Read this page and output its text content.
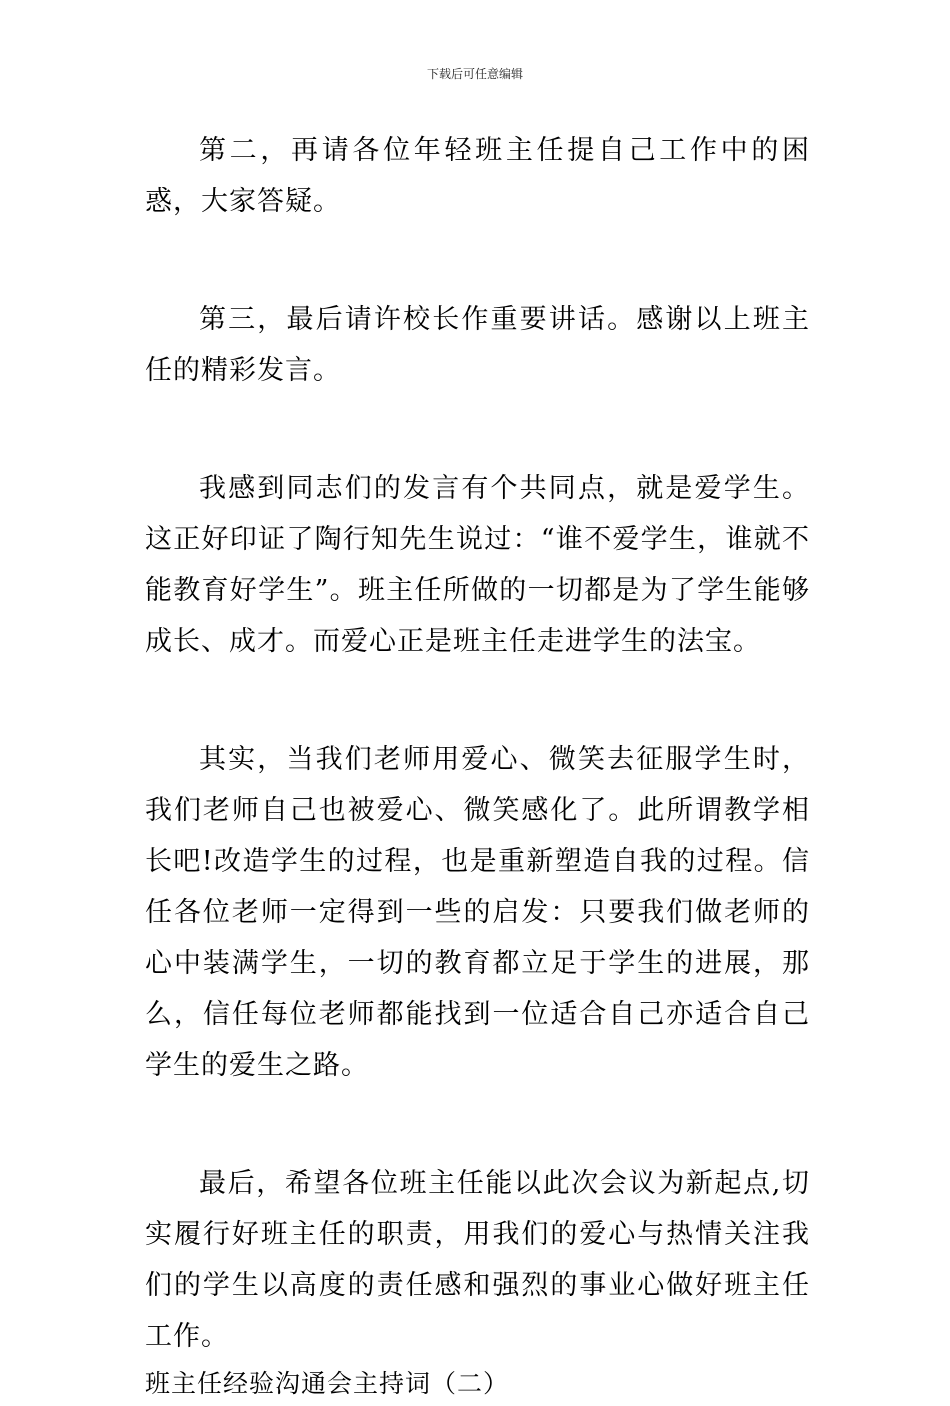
下载后可任意编辑

第二，再请各位年轻班主任提自己工作中的困惑，大家答疑。

第三，最后请许校长作重要讲话。感谢以上班主任的精彩发言。

我感到同志们的发言有个共同点，就是爱学生。这正好印证了陶行知先生说过：“谁不爱学生，谁就不能教育好学生”。班主任所做的一切都是为了学生能够成长、成才。而爱心正是班主任走进学生的法宝。

其实，当我们老师用爱心、微笑去征服学生时，我们老师自己也被爱心、微笑感化了。此所谓教学相长吧!改造学生的过程，也是重新塑造自我的过程。信任各位老师一定得到一些的启发：只要我们做老师的心中装满学生，一切的教育都立足于学生的进展，那么，信任每位老师都能找到一位适合自己亦适合自己学生的爱生之路。

最后，希望各位班主任能以此次会议为新起点,切实履行好班主任的职责，用我们的爱心与热情关注我们的学生以高度的责任感和强烈的事业心做好班主任工作。

班主任经验沟通会主持词（二）
